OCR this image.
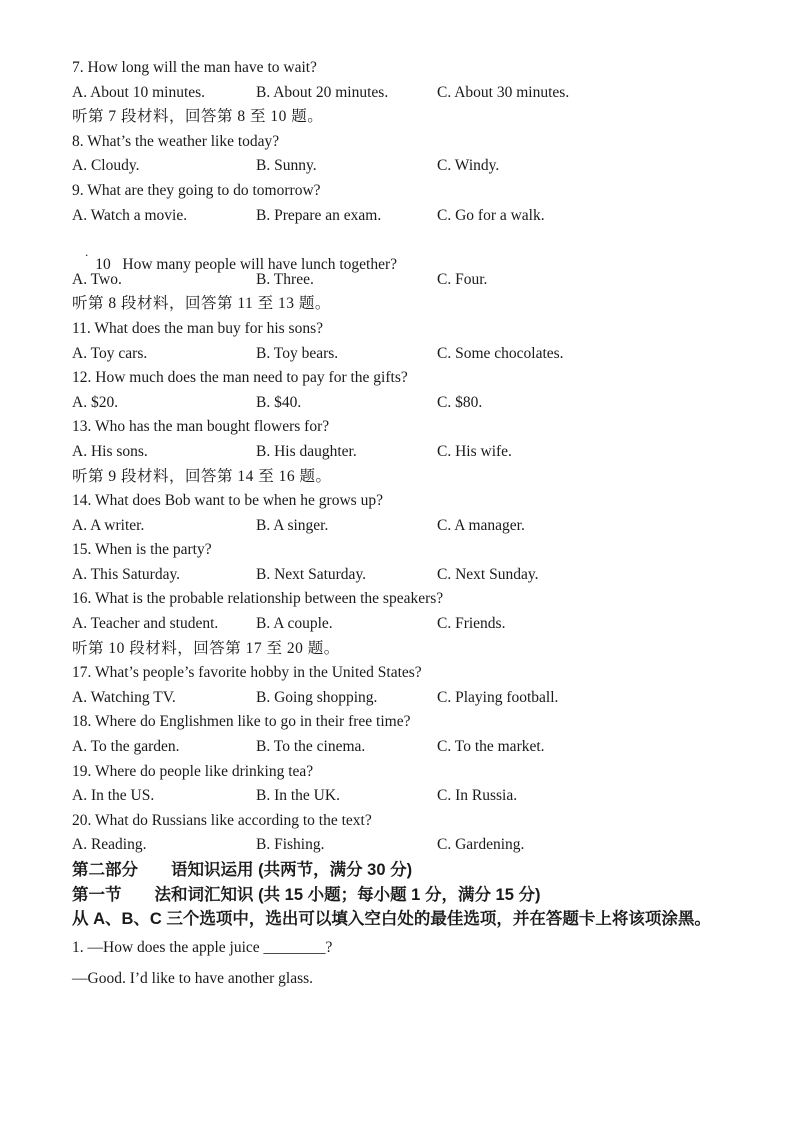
7. How long will the man have to wait?
A. About 10 minutes.	B. About 20 minutes.	C. About 30 minutes.
听第 7 段材料，回答第 8 至 10 题。
8. What’s the weather like today?
A. Cloudy.	B. Sunny.	C. Windy.
9. What are they going to do tomorrow?
A. Watch a movie.	B. Prepare an exam.	C. Go for a walk.

10   How many people will have lunch together?

.

A. Two.	B. Three.	C. Four.
听第 8 段材料，回答第 11 至 13 题。
11. What does the man buy for his sons?
A. Toy cars.	B. Toy bears.	C. Some chocolates.
12. How much does the man need to pay for the gifts?
A. $20.	B. $40.	C. $80.
13. Who has the man bought flowers for?
A. His sons.	B. His daughter.	C. His wife.
听第 9 段材料，回答第 14 至 16 题。
14. What does Bob want to be when he grows up?
A. A writer.	B. A singer.	C. A manager.
15. When is the party?
A. This Saturday.	B. Next Saturday.	C. Next Sunday.
16. What is the probable relationship between the speakers?
A. Teacher and student.	B. A couple.	C. Friends.
听第 10 段材料，回答第 17 至 20 题。
17. What’s people’s favorite hobby in the United States?
A. Watching TV.	B. Going shopping.	C. Playing football.
18. Where do Englishmen like to go in their free time?
A. To the garden.	B. To the cinema.	C. To the market.
19. Where do people like drinking tea?
A. In the US.	B. In the UK.	C. In Russia.
20. What do Russians like according to the text?
A. Reading.	B. Fishing.	C. Gardening.
第二部分　　语知识运用 (共两节，满分 30 分)
第一节　　法和词汇知识 (共 15 小题；每小题 1 分，满分 15 分)
从 A、B、C 三个选项中，选出可以填入空白处的最佳选项，并在答题卡上将该项涂黑。
1. —How does the apple juice ________?
—Good. I’d like to have another glass.
